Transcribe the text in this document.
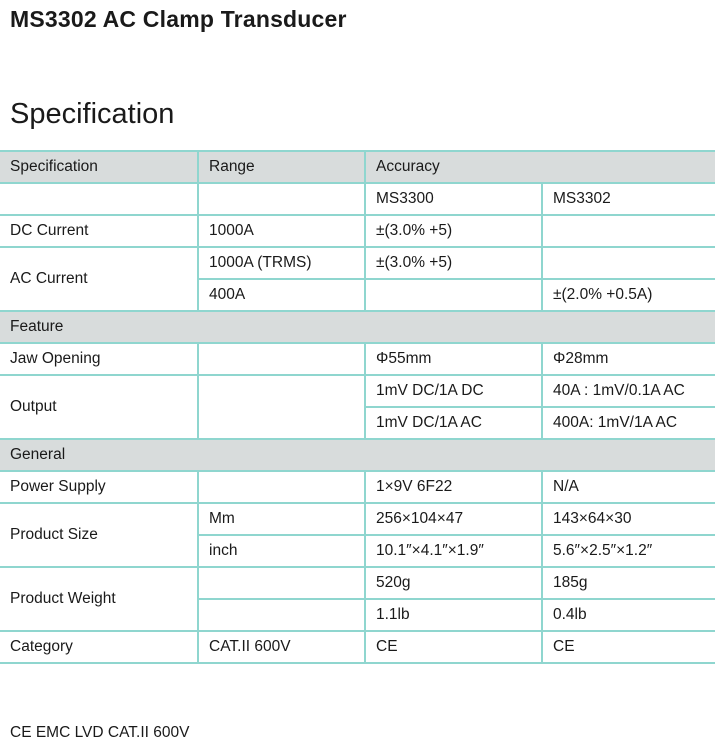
MS3302 AC Clamp Transducer
Specification
Specification	Range	Accuracy	
		MS3300	MS3302
DC Current	1000A	±(3.0% +5)	
AC Current	1000A (TRMS)	±(3.0% +5)	
	400A		±(2.0% +0.5A)
Feature			
Jaw Opening		Φ55mm	Φ28mm
Output		1mV DC/1A DC	40A : 1mV/0.1A AC
		1mV DC/1A AC	400A: 1mV/1A AC
General			
Power Supply		1×9V 6F22	N/A
Product Size	Mm	256×104×47	143×64×30
	inch	10.1″×4.1″×1.9″	5.6″×2.5″×1.2″
Product Weight		520g	185g
		1.1lb	0.4lb
Category	CAT.II 600V	CE	CE
CE EMC LVD CAT.II 600V
